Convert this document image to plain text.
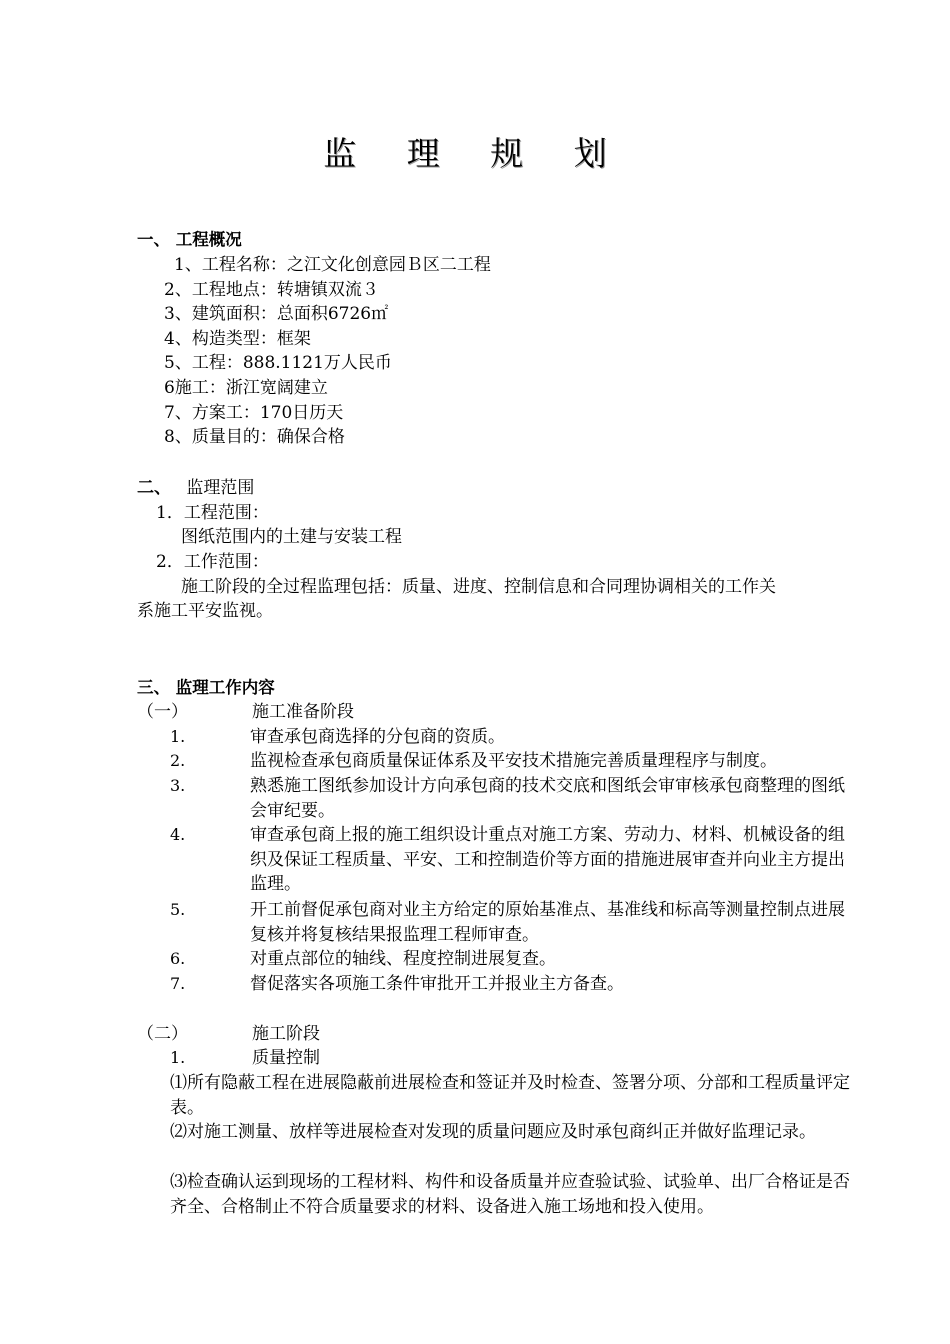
监 理 规 划
一、 工程概况
1、工程名称：之江文化创意园Ｂ区二工程
2、工程地点：转塘镇双流３
3、建筑面积：总面积6726㎡
4、构造类型：框架
5、工程：888.1121万人民币
6施工：浙江宽阔建立
7、方案工：170日历天
8、质量目的：确保合格
二、 监理范围
1．工程范围：
图纸范围内的土建与安装工程
2．工作范围：
施工阶段的全过程监理包括：质量、进度、控制信息和合同理协调相关的工作关
系施工平安监视。
三、 监理工作内容
（一）	施工准备阶段
1.	审查承包商选择的分包商的资质。
2.	监视检查承包商质量保证体系及平安技术措施完善质量理程序与制度。
3.	熟悉施工图纸参加设计方向承包商的技术交底和图纸会审审核承包商整理的图纸会审纪要。
4.	审查承包商上报的施工组织设计重点对施工方案、劳动力、材料、机械设备的组织及保证工程质量、平安、工和控制造价等方面的措施进展审查并向业主方提出监理。
5.	开工前督促承包商对业主方给定的原始基准点、基准线和标高等测量控制点进展复核并将复核结果报监理工程师审查。
6.	对重点部位的轴线、程度控制进展复查。
7.	督促落实各项施工条件审批开工并报业主方备查。
（二）	施工阶段
1.	质量控制
⑴所有隐蔽工程在进展隐蔽前进展检查和签证并及时检查、签署分项、分部和工程质量评定表。
⑵对施工测量、放样等进展检查对发现的质量问题应及时承包商纠正并做好监理记录。
⑶检查确认运到现场的工程材料、构件和设备质量并应查验试验、试验单、出厂合格证是否齐全、合格制止不符合质量要求的材料、设备进入施工场地和投入使用。
